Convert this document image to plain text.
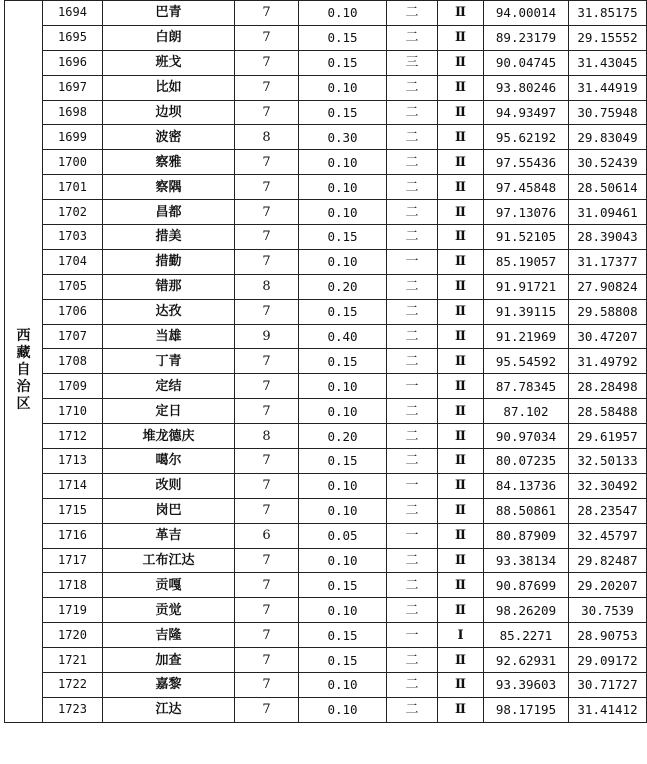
西
藏
自
治
区	1694	巴青	7	0.10	二	Ⅱ	94.00014	31.85175
	1695	白朗	7	0.15	二	Ⅱ	89.23179	29.15552
	1696	班戈	7	0.15	三	Ⅱ	90.04745	31.43045
	1697	比如	7	0.10	二	Ⅱ	93.80246	31.44919
	1698	边坝	7	0.15	二	Ⅱ	94.93497	30.75948
	1699	波密	8	0.30	二	Ⅱ	95.62192	29.83049
	1700	察雅	7	0.10	二	Ⅱ	97.55436	30.52439
	1701	察隅	7	0.10	二	Ⅱ	97.45848	28.50614
	1702	昌都	7	0.10	二	Ⅱ	97.13076	31.09461
	1703	措美	7	0.15	二	Ⅱ	91.52105	28.39043
	1704	措勤	7	0.10	一	Ⅱ	85.19057	31.17377
	1705	错那	8	0.20	二	Ⅱ	91.91721	27.90824
	1706	达孜	7	0.15	二	Ⅱ	91.39115	29.58808
	1707	当雄	9	0.40	二	Ⅱ	91.21969	30.47207
	1708	丁青	7	0.15	二	Ⅱ	95.54592	31.49792
	1709	定结	7	0.10	一	Ⅱ	87.78345	28.28498
	1710	定日	7	0.10	二	Ⅱ	87.102	28.58488
	1712	堆龙德庆	8	0.20	二	Ⅱ	90.97034	29.61957
	1713	噶尔	7	0.15	二	Ⅱ	80.07235	32.50133
	1714	改则	7	0.10	一	Ⅱ	84.13736	32.30492
	1715	岗巴	7	0.10	二	Ⅱ	88.50861	28.23547
	1716	革吉	6	0.05	一	Ⅱ	80.87909	32.45797
	1717	工布江达	7	0.10	二	Ⅱ	93.38134	29.82487
	1718	贡嘎	7	0.15	二	Ⅱ	90.87699	29.20207
	1719	贡觉	7	0.10	二	Ⅱ	98.26209	30.7539
	1720	吉隆	7	0.15	一	Ⅰ	85.2271	28.90753
	1721	加查	7	0.15	二	Ⅱ	92.62931	29.09172
	1722	嘉黎	7	0.10	二	Ⅱ	93.39603	30.71727
	1723	江达	7	0.10	二	Ⅱ	98.17195	31.41412
